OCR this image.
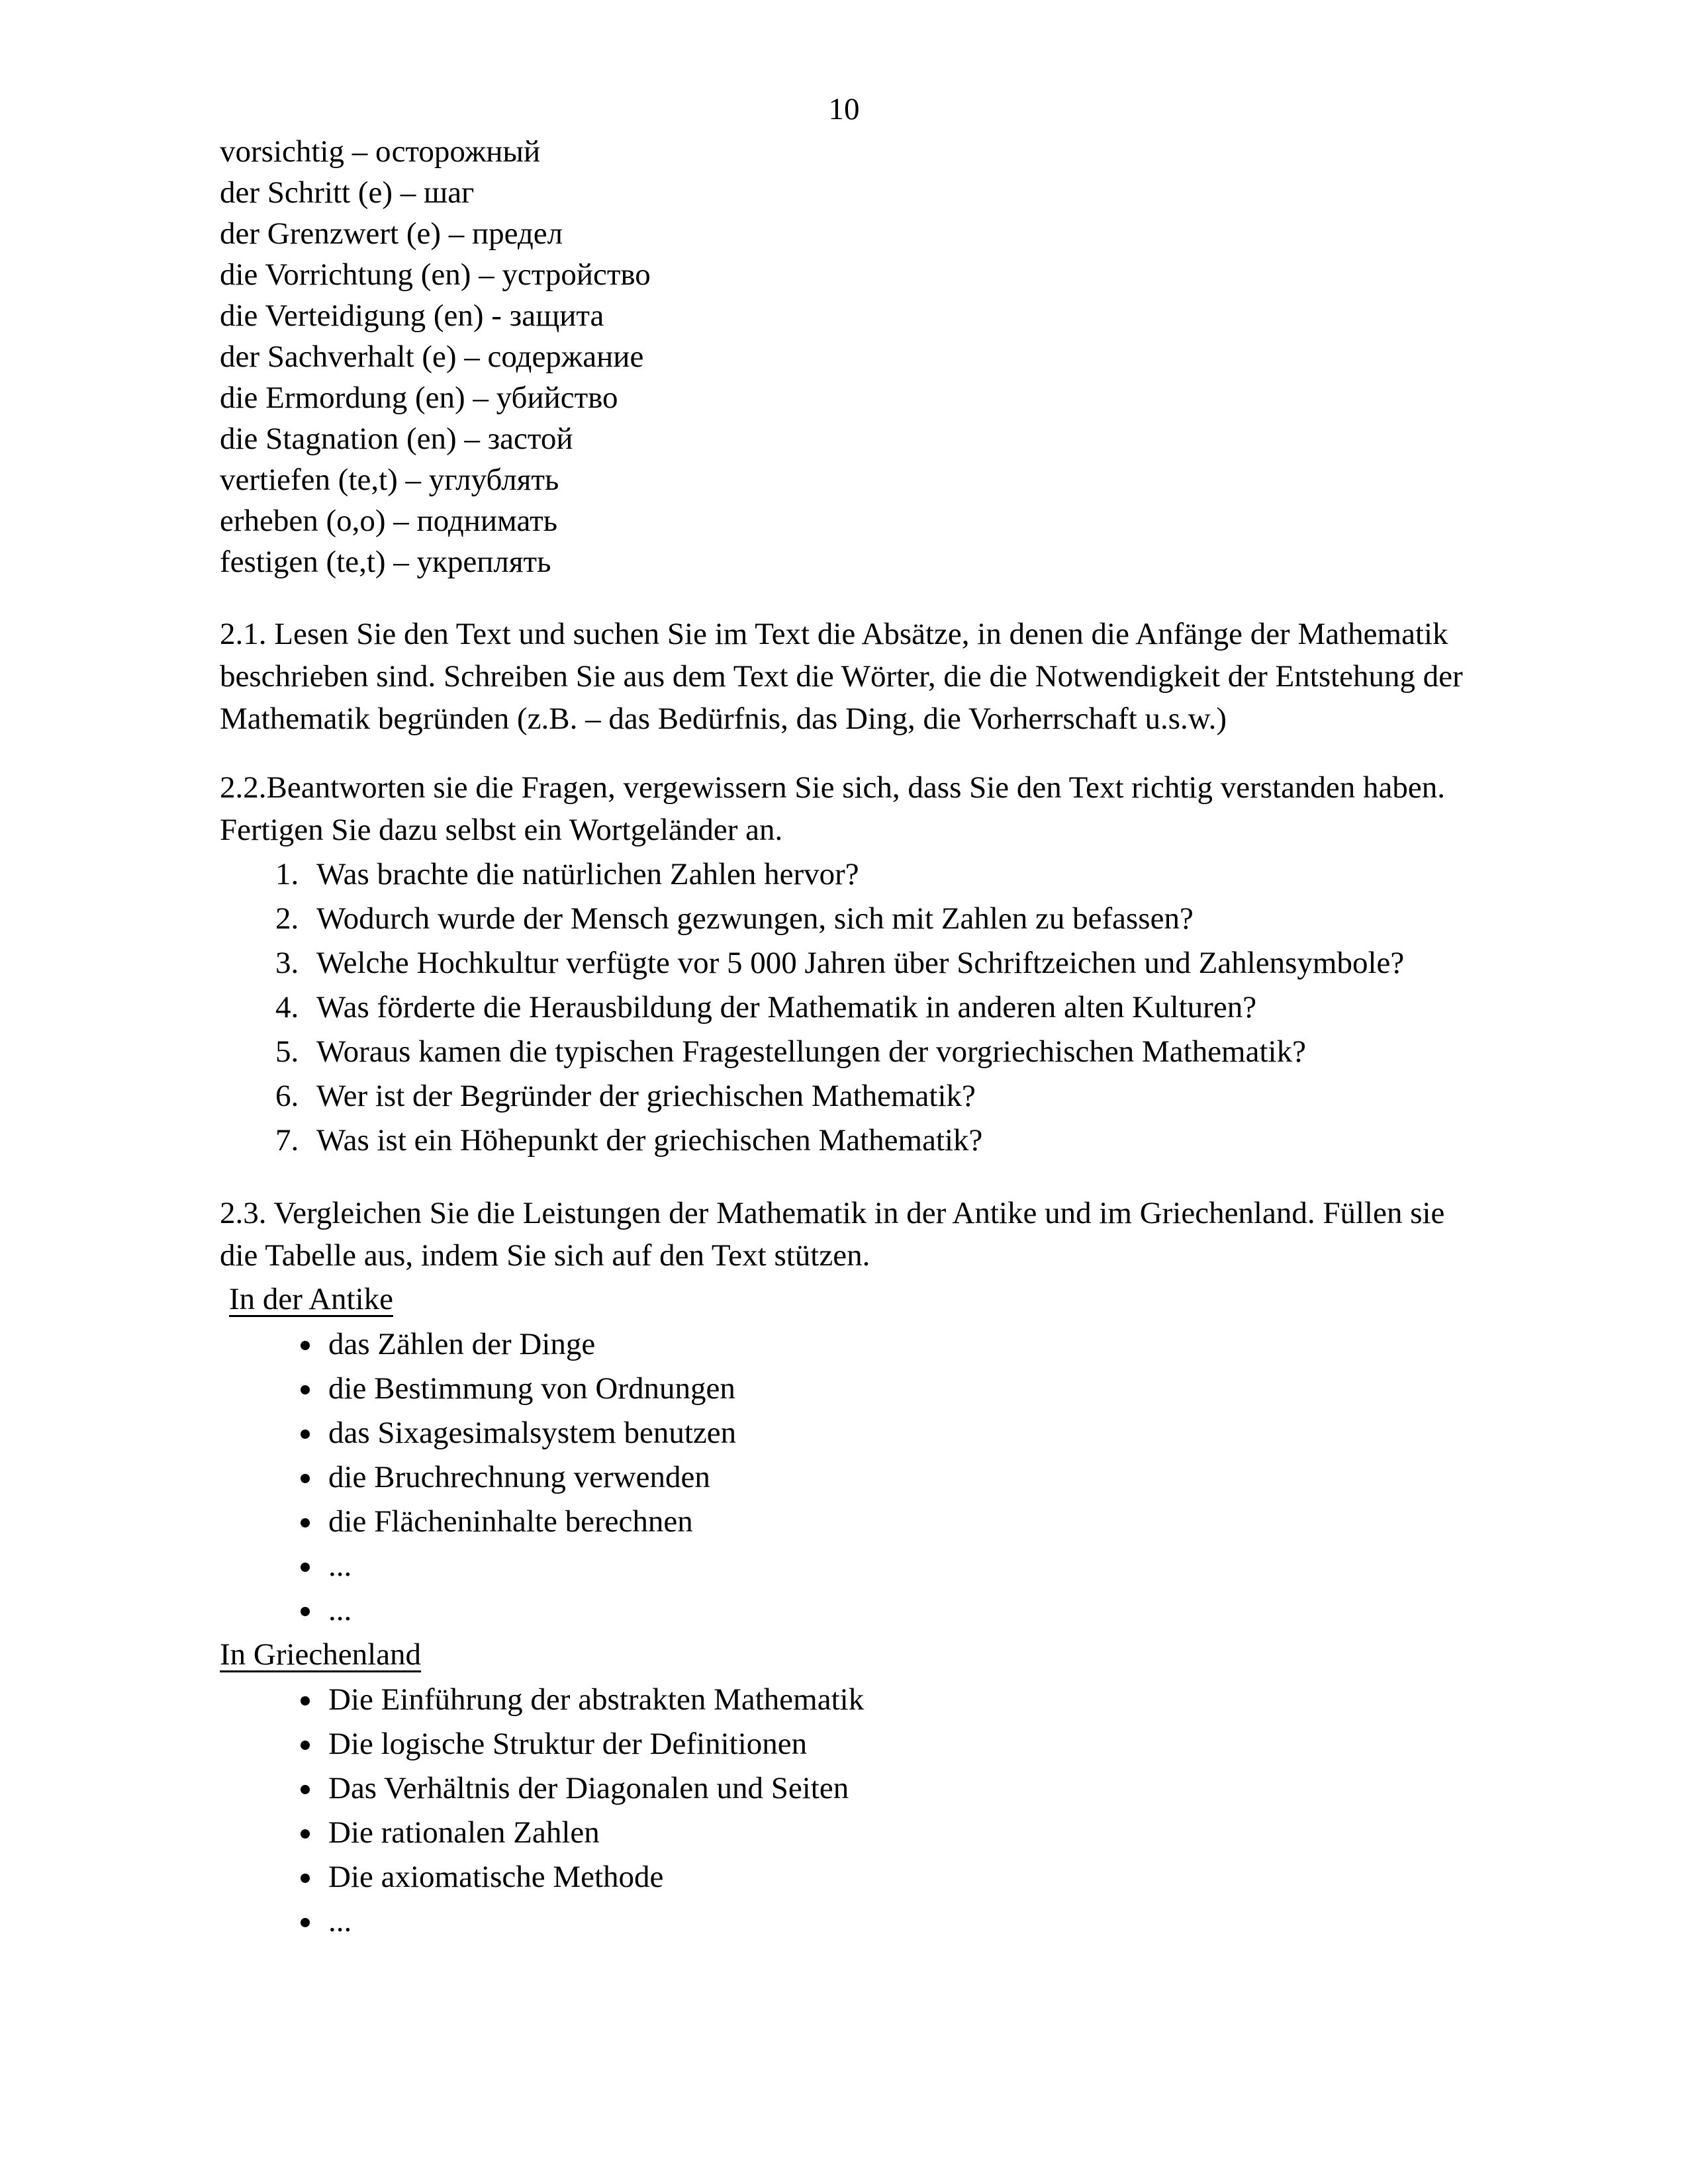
10
vorsichtig – осторожный
der Schritt (e) – шаг
der Grenzwert (e) – предел
die Vorrichtung (en) – устройство
die Verteidigung (en) - защита
der Sachverhalt (e) – содержание
die Ermordung (en) – убийство
die Stagnation (en) – застой
vertiefen (te,t) – углублять
erheben (o,o) – поднимать
festigen (te,t) – укреплять

2.1. Lesen Sie den Text und suchen Sie im Text die Absätze, in denen die Anfänge der Mathematik beschrieben sind. Schreiben Sie aus dem Text die Wörter, die die Notwendigkeit der Entstehung der Mathematik begründen (z.B. – das Bedürfnis, das Ding, die Vorherrschaft u.s.w.)

2.2.Beantworten sie die Fragen, vergewissern Sie sich, dass Sie den Text richtig verstanden haben. Fertigen Sie dazu selbst ein Wortgeländer an.

1. Was brachte die natürlichen Zahlen hervor?
2. Wodurch wurde der Mensch gezwungen, sich mit Zahlen zu befassen?
3. Welche Hochkultur verfügte vor 5 000 Jahren über Schriftzeichen und Zahlensymbole?
4. Was förderte die Herausbildung der Mathematik in anderen alten Kulturen?
5. Woraus kamen die typischen Fragestellungen der vorgriechischen Mathematik?
6. Wer ist der Begründer der griechischen Mathematik?
7. Was ist ein Höhepunkt der griechischen Mathematik?

2.3. Vergleichen Sie die Leistungen der Mathematik in der Antike und im Griechenland. Füllen sie die Tabelle aus, indem Sie sich auf den Text stützen.

In der Antike
• das Zählen der Dinge
• die Bestimmung von Ordnungen
• das Sixagesimalsystem benutzen
• die Bruchrechnung verwenden
• die Flächeninhalte berechnen
• ...
• ...
In Griechenland
• Die Einführung der abstrakten Mathematik
• Die logische Struktur der Definitionen
• Das Verhältnis der Diagonalen und Seiten
• Die rationalen Zahlen
• Die axiomatische Methode
• ...
